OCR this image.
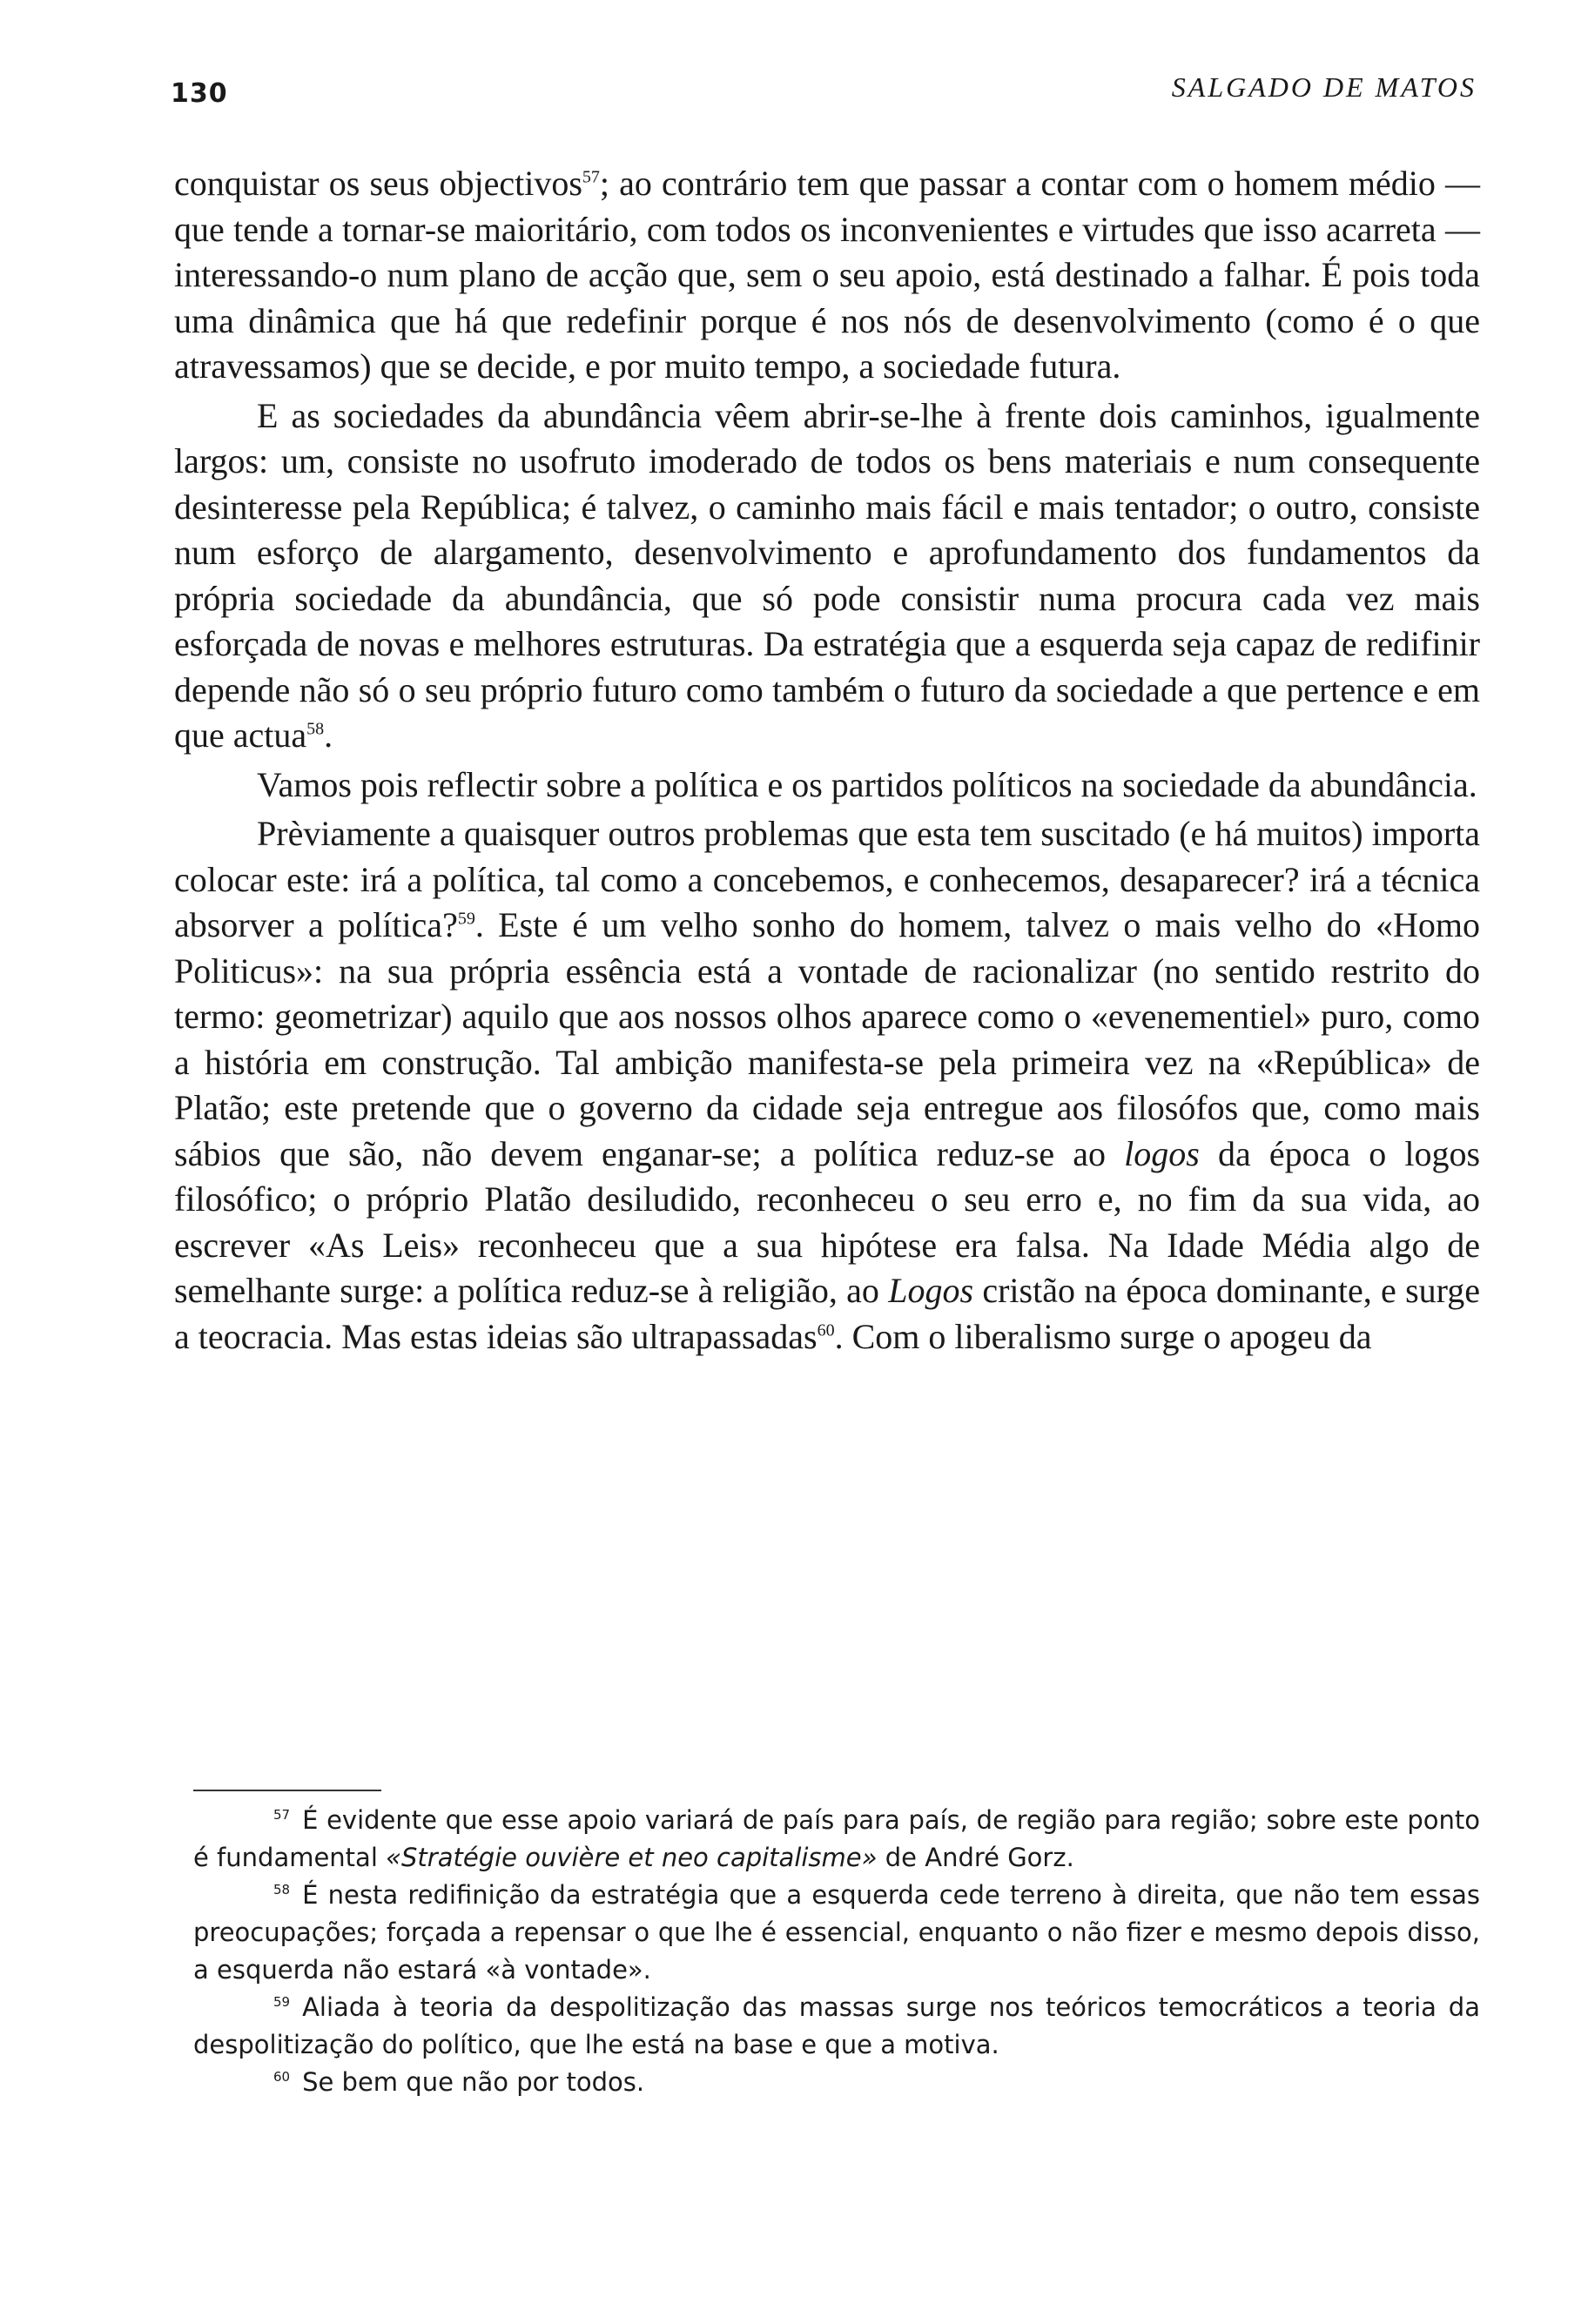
130	SALGADO DE MATOS

conquistar os seus objectivos$^{57}$; ao contrário tem que passar a contar com o homem médio — que tende a tornar-se maioritário, com todos os inconvenientes e virtudes que isso acarreta — interessando-o num plano de acção que, sem o seu apoio, está destinado a falhar. É pois toda uma dinâmica que há que redefinir porque é nos nós de desenvolvimento (como é o que atravessamos) que se decide, e por muito tempo, a sociedade futura.

E as sociedades da abundância vêem abrir-se-lhe à frente dois caminhos, igualmente largos: um, consiste no usofruto imoderado de todos os bens materiais e num consequente desinteresse pela República; é talvez, o caminho mais fácil e mais tentador; o outro, consiste num esforço de alargamento, desenvolvimento e aprofundamento dos fundamentos da própria sociedade da abundância, que só pode consistir numa procura cada vez mais esforçada de novas e melhores estruturas. Da estratégia que a esquerda seja capaz de redifinir depende não só o seu próprio futuro como também o futuro da sociedade a que pertence e em que actua$^{58}$.

Vamos pois reflectir sobre a política e os partidos políticos na sociedade da abundância.

Prèviamente a quaisquer outros problemas que esta tem suscitado (e há muitos) importa colocar este: irá a política, tal como a concebemos, e conhecemos, desaparecer? irá a técnica absorver a política?$^{59}$. Este é um velho sonho do homem, talvez o mais velho do «Homo Politicus»: na sua própria essência está a vontade de racionalizar (no sentido restrito do termo: geometrizar) aquilo que aos nossos olhos aparece como o «evenementiel» puro, como a história em construção. Tal ambição manifesta-se pela primeira vez na «República» de Platão; este pretende que o governo da cidade seja entregue aos filosófos que, como mais sábios que são, não devem enganar-se; a política reduz-se ao logos da época o logos filosófico; o próprio Platão desiludido, reconheceu o seu erro e, no fim da sua vida, ao escrever «As Leis» reconheceu que a sua hipótese era falsa. Na Idade Média algo de semelhante surge: a política reduz-se à religião, ao Logos cristão na época dominante, e surge a teocracia. Mas estas ideias são ultrapassadas$^{60}$. Com o liberalismo surge o apogeu da

$^{57}$ É evidente que esse apoio variará de país para país, de região para região; sobre este ponto é fundamental «Stratégie ouvière et neo capitalisme» de André Gorz.

$^{58}$ É nesta redifinição da estratégia que a esquerda cede terreno à direita, que não tem essas preocupações; forçada a repensar o que lhe é essencial, enquanto o não fizer e mesmo depois disso, a esquerda não estará «à vontade».

$^{59}$ Aliada à teoria da despolitização das massas surge nos teóricos temocráticos a teoria da despolitização do político, que lhe está na base e que a motiva.

$^{60}$ Se bem que não por todos.
